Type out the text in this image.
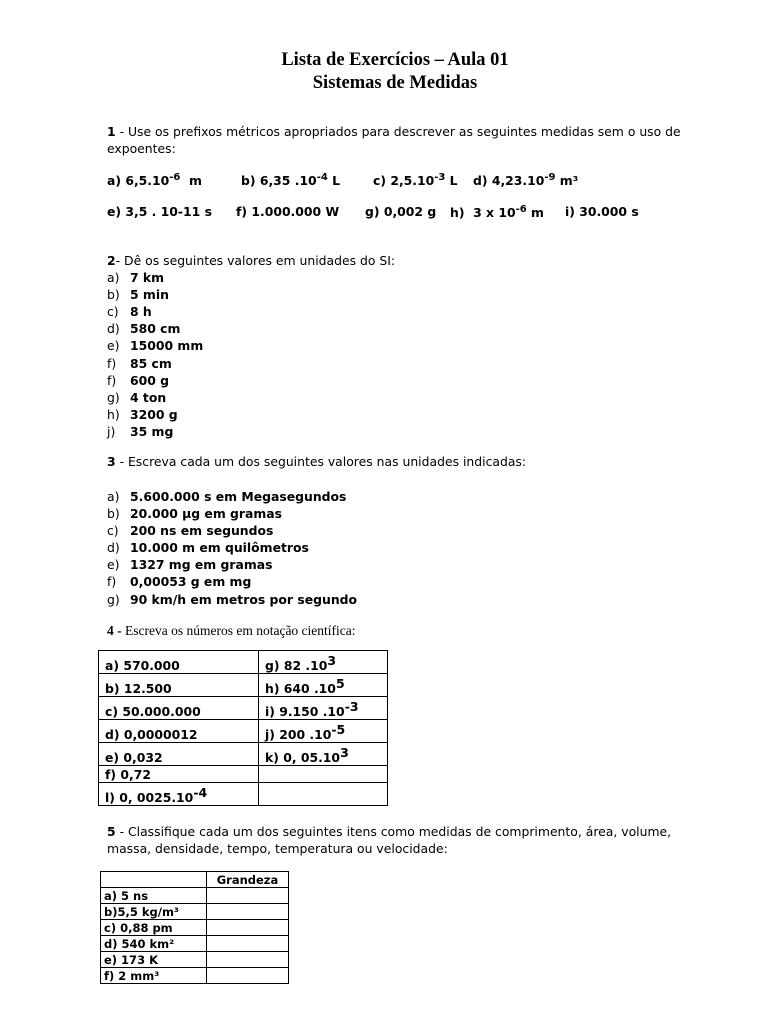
Lista de Exercícios – Aula 01
Sistemas de Medidas
1 - Use os prefixos métricos apropriados para descrever as seguintes medidas sem o uso de expoentes:
a) $6,5.10^{-6}$  m	b) 6,35 $.10^{-4}$ L	c) $2,5.10^{-3}$ L d) $4,23.10^{-9}$ m³
e) 3,5 . 10-11 s f) 1.000.000 W g) 0,002 g h)  3 x $10^{-6}$ m i) 30.000 s
2- Dê os seguintes valores em unidades do SI:
a) 7 km
b) 5 min
c) 8 h
d) 580 cm
e) 15000 mm
f) 85 cm
f) 600 g
g) 4 ton
h) 3200 g
j) 35 mg
3 - Escreva cada um dos seguintes valores nas unidades indicadas:
a) 5.600.000 s em Megasegundos
b) 20.000 μg em gramas
c) 200 ns em segundos
d) 10.000 m em quilômetros
e) 1327 mg em gramas
f) 0,00053 g em mg
g) 90 km/h em metros por segundo
4 - Escreva os números em notação científica:
a) 570.000	g) 82 $.10^3$
b) 12.500	h) 640 $.10^5$
c) 50.000.000	i) 9.150 $.10^{-3}$
d) 0,0000012	j) 200 $.10^{-5}$
e) 0,032	k) 0, 05.10$^3$
f) 0,72	
l) 0, $0025.10^{-4}$	
5 - Classifique cada um dos seguintes itens como medidas de comprimento, área, volume, massa, densidade, tempo, temperatura ou velocidade:
	Grandeza
a) 5 ns	
b)5,5 kg/m³	
c) 0,88 pm	
d) 540 km²	
e) 173 K	
f) 2 mm³	
